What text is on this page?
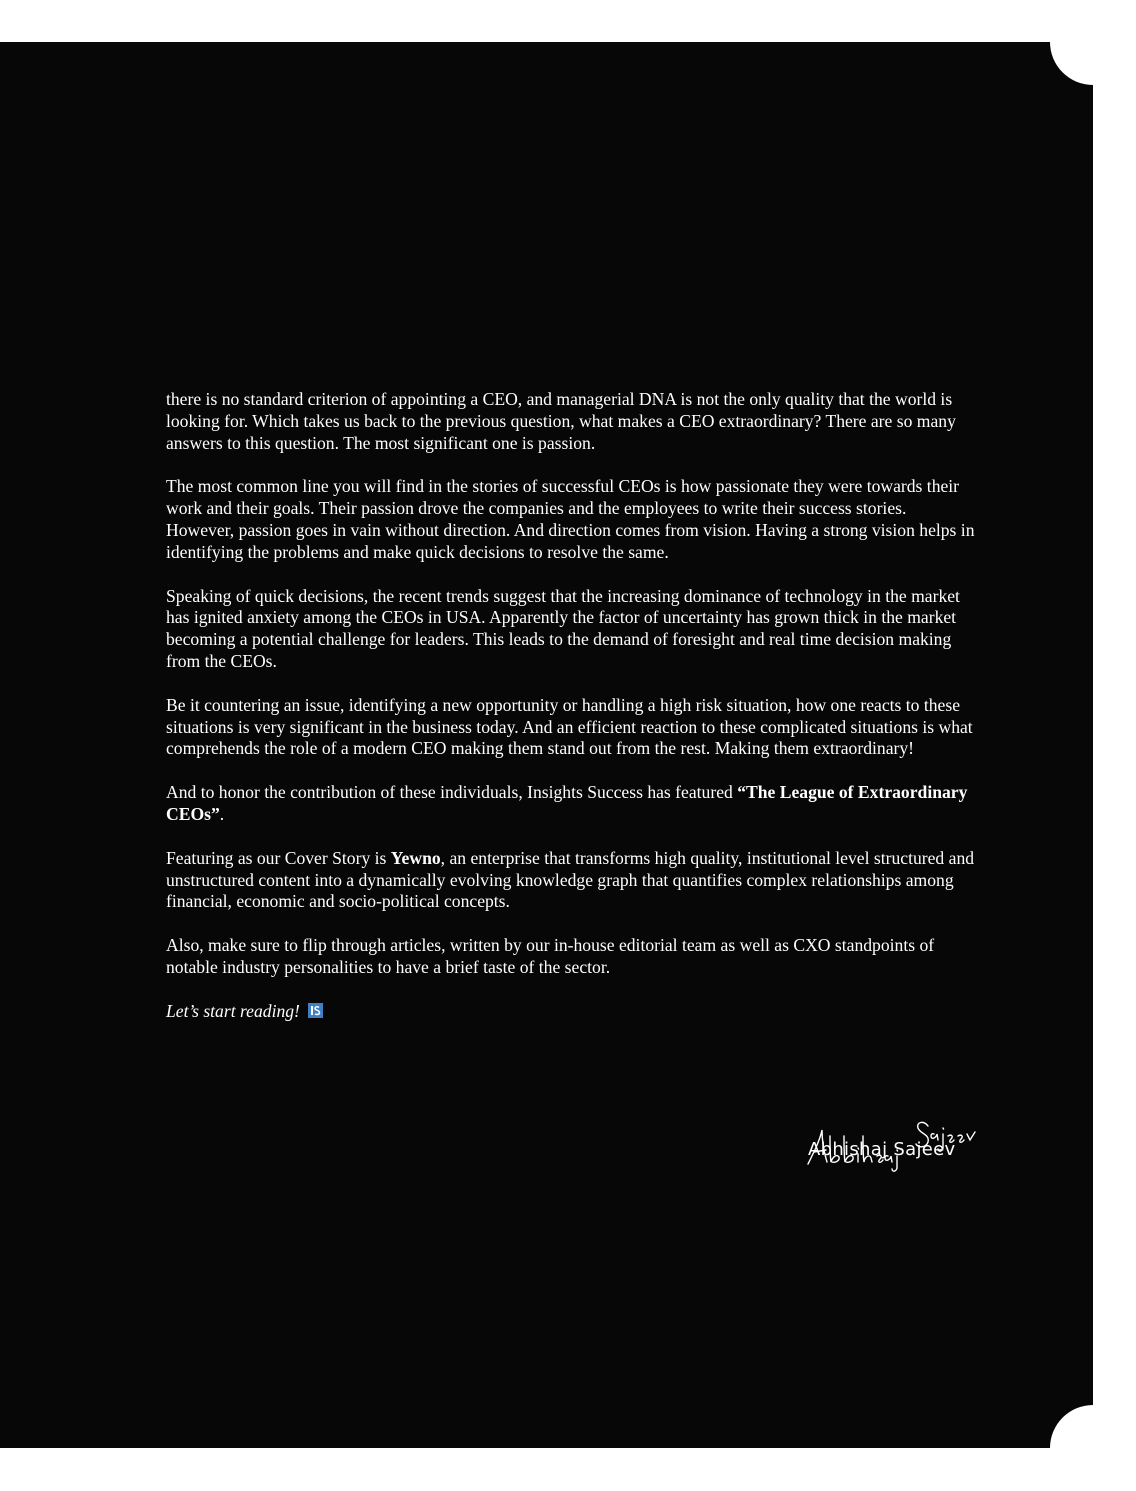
there is no standard criterion of appointing a CEO, and managerial DNA is not the only quality that the world is looking for. Which takes us back to the previous question, what makes a CEO extraordinary? There are so many answers to this question. The most significant one is passion.

The most common line you will find in the stories of successful CEOs is how passionate they were towards their work and their goals. Their passion drove the companies and the employees to write their success stories. However, passion goes in vain without direction. And direction comes from vision. Having a strong vision helps in identifying the problems and make quick decisions to resolve the same.

Speaking of quick decisions, the recent trends suggest that the increasing dominance of technology in the market has ignited anxiety among the CEOs in USA. Apparently the factor of uncertainty has grown thick in the market becoming a potential challenge for leaders. This leads to the demand of foresight and real time decision making from the CEOs.

Be it countering an issue, identifying a new opportunity or handling a high risk situation, how one reacts to these situations is very significant in the business today. And an efficient reaction to these complicated situations is what comprehends the role of a modern CEO making them stand out from the rest. Making them extraordinary!

And to honor the contribution of these individuals, Insights Success has featured “The League of Extraordinary CEOs”.

Featuring as our Cover Story is Yewno, an enterprise that transforms high quality, institutional level structured and unstructured content into a dynamically evolving knowledge graph that quantifies complex relationships among financial, economic and socio-political concepts.

Also, make sure to flip through articles, written by our in-house editorial team as well as CXO standpoints of notable industry personalities to have a brief taste of the sector.

Let’s start reading!

Abhishaj Sajeev
